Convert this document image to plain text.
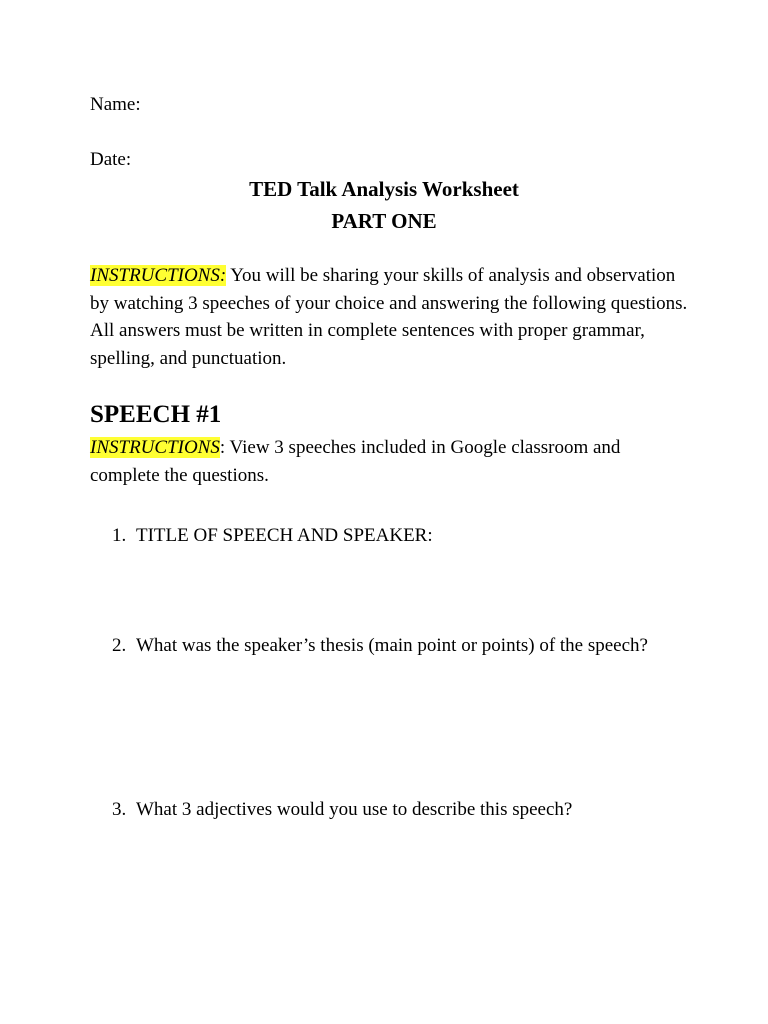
Name:
Date:
TED Talk Analysis Worksheet
PART ONE
INSTRUCTIONS: You will be sharing your skills of analysis and observation by watching 3 speeches of your choice and answering the following questions. All answers must be written in complete sentences with proper grammar, spelling, and punctuation.
SPEECH #1
INSTRUCTIONS: View 3 speeches included in Google classroom and complete the questions.
1. TITLE OF SPEECH AND SPEAKER:
2. What was the speaker’s thesis (main point or points) of the speech?
3. What 3 adjectives would you use to describe this speech?
